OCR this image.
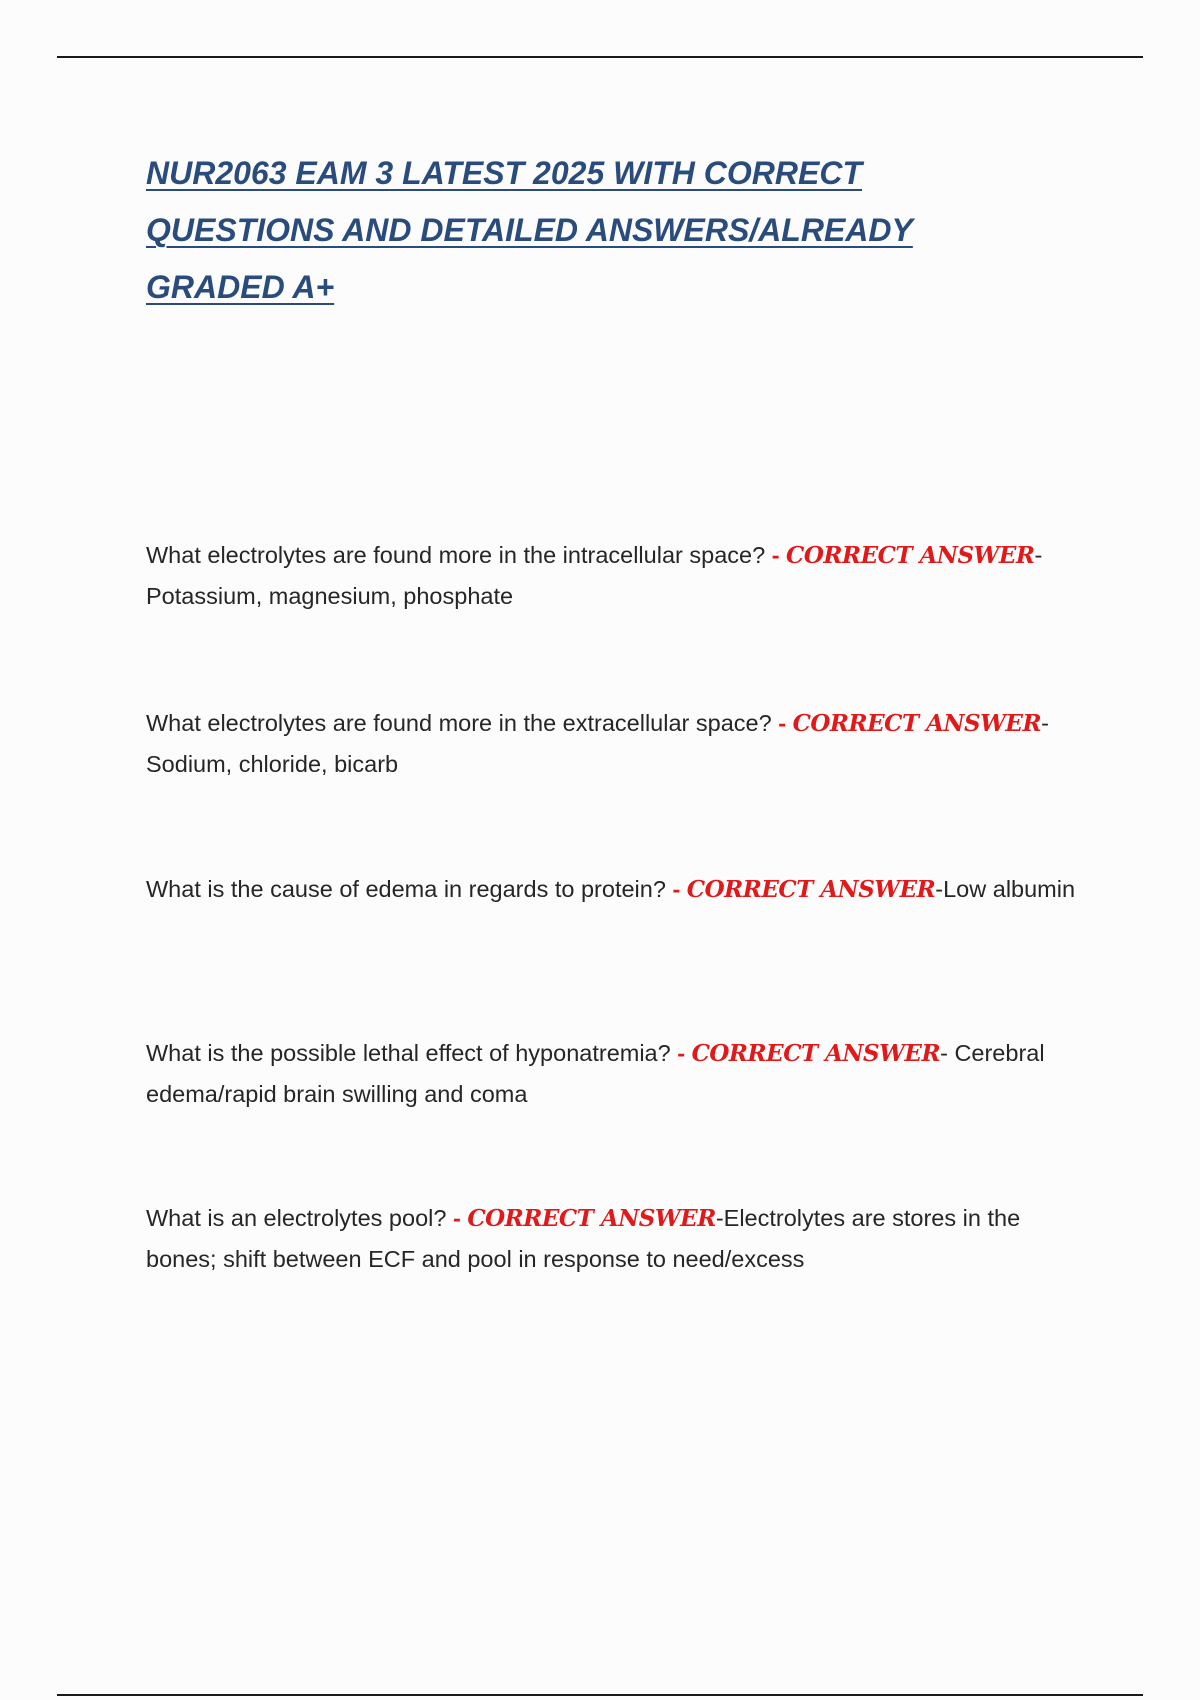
NUR2063 EAM 3 LATEST 2025 WITH CORRECT QUESTIONS AND DETAILED ANSWERS/ALREADY GRADED A+

What electrolytes are found more in the intracellular space? - CORRECT ANSWER-Potassium, magnesium, phosphate

What electrolytes are found more in the extracellular space? - CORRECT ANSWER-Sodium, chloride, bicarb

What is the cause of edema in regards to protein? - CORRECT ANSWER-Low albumin

What is the possible lethal effect of hyponatremia? - CORRECT ANSWER- Cerebral edema/rapid brain swilling and coma

What is an electrolytes pool? - CORRECT ANSWER-Electrolytes are stores in the bones; shift between ECF and pool in response to need/excess
